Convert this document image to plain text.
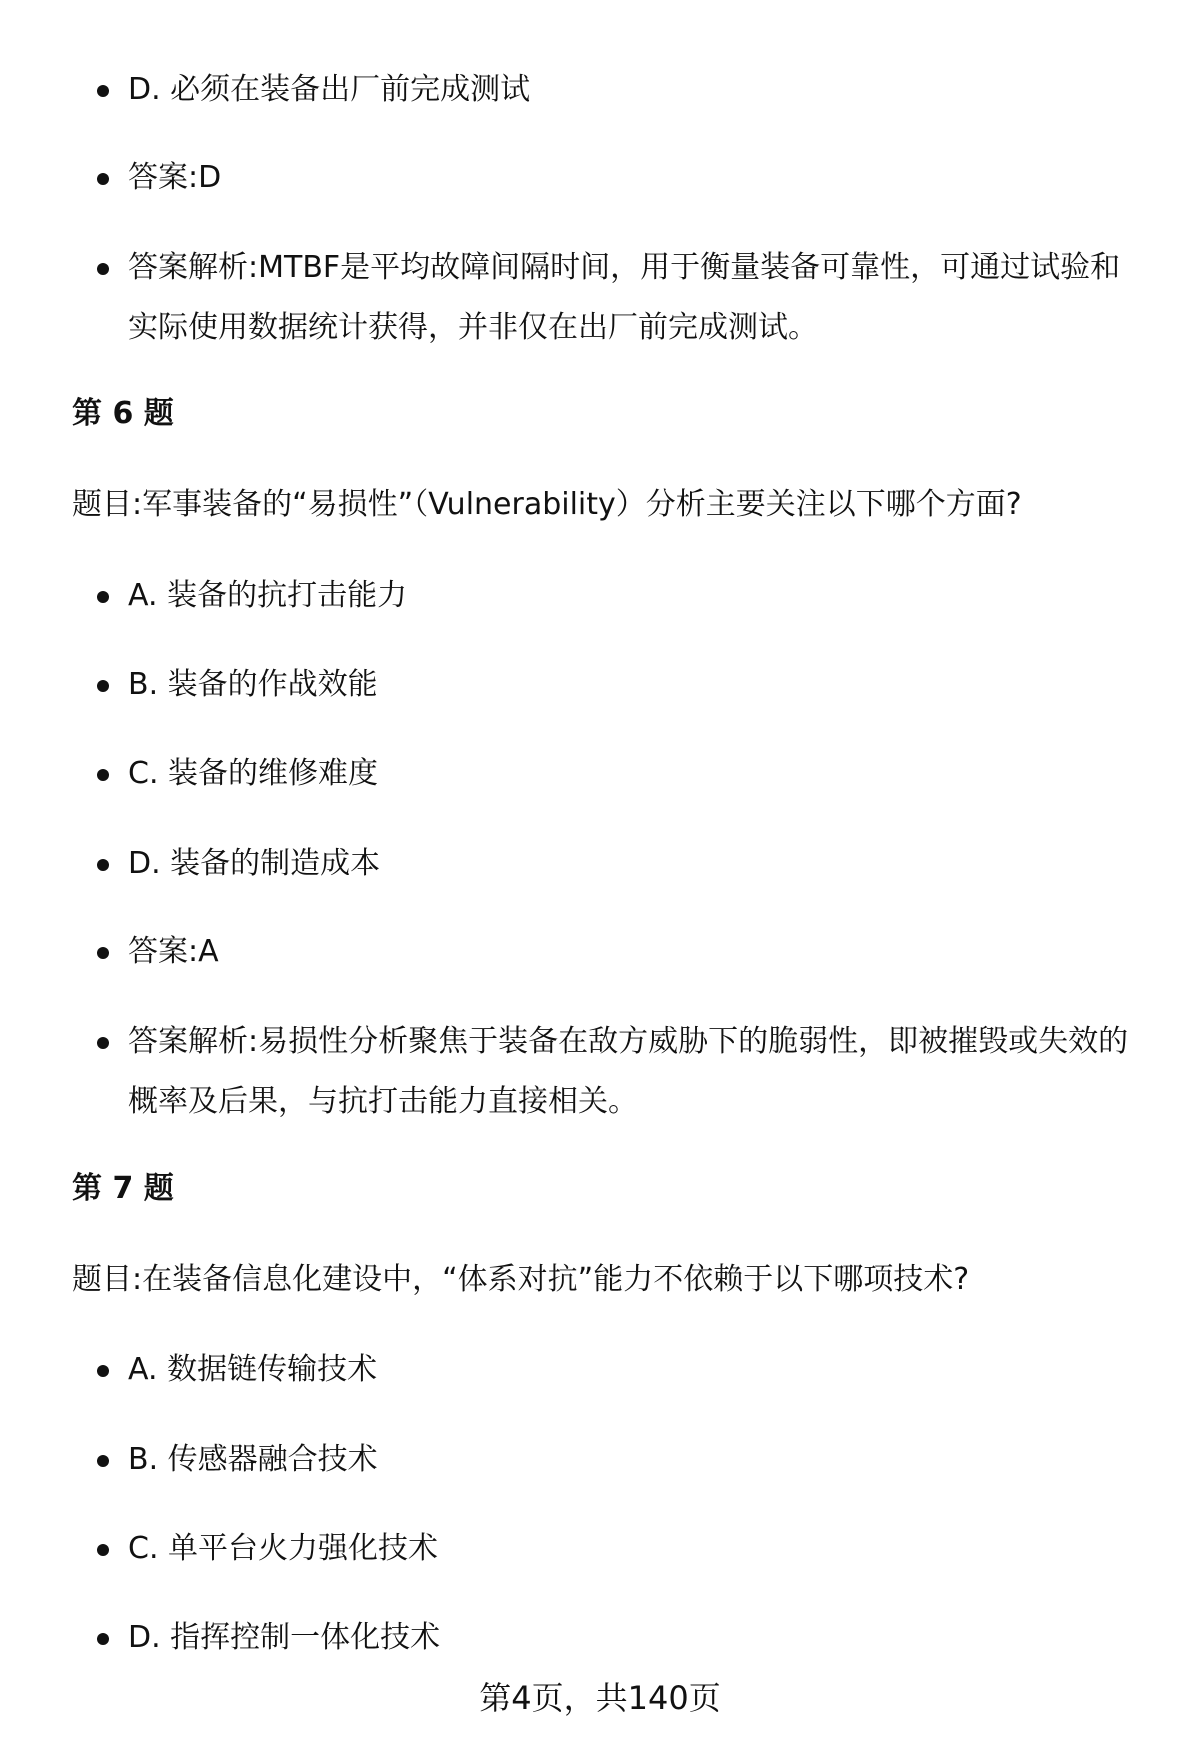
D. 必须在装备出厂前完成测试
答案:D
答案解析:MTBF是平均故障间隔时间，用于衡量装备可靠性，可通过试验和实际使用数据统计获得，并非仅在出厂前完成测试。
第 6 题
题目:军事装备的“易损性”（Vulnerability）分析主要关注以下哪个方面?
A. 装备的抗打击能力
B. 装备的作战效能
C. 装备的维修难度
D. 装备的制造成本
答案:A
答案解析:易损性分析聚焦于装备在敌方威胁下的脆弱性，即被摧毁或失效的概率及后果，与抗打击能力直接相关。
第 7 题
题目:在装备信息化建设中，“体系对抗”能力不依赖于以下哪项技术?
A. 数据链传输技术
B. 传感器融合技术
C. 单平台火力强化技术
D. 指挥控制一体化技术
第4页，共140页
